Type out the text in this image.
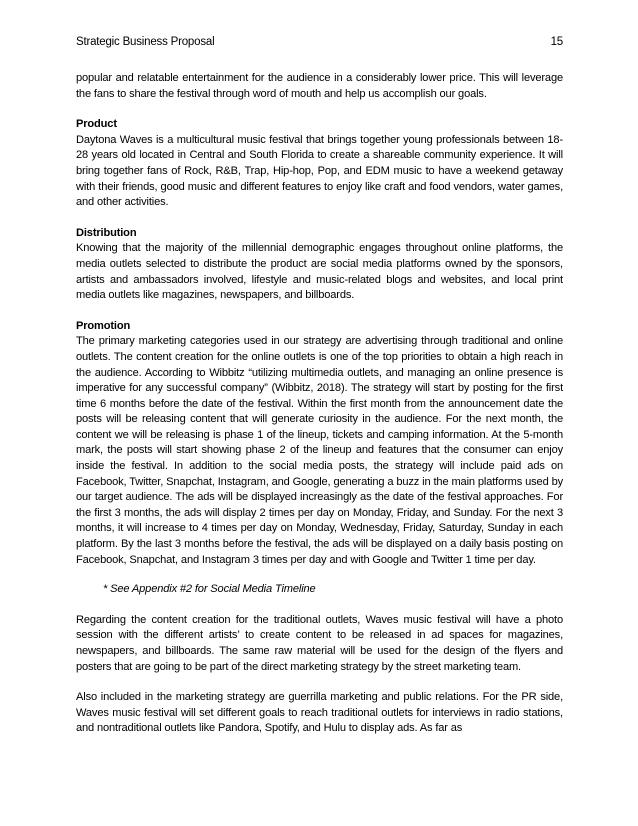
Strategic Business Proposal	15

popular and relatable entertainment for the audience in a considerably lower price. This will leverage the fans to share the festival through word of mouth and help us accomplish our goals.

Product

Daytona Waves is a multicultural music festival that brings together young professionals between 18-28 years old located in Central and South Florida to create a shareable community experience. It will bring together fans of Rock, R&B, Trap, Hip-hop, Pop, and EDM music to have a weekend getaway with their friends, good music and different features to enjoy like craft and food vendors, water games, and other activities.

Distribution

Knowing that the majority of the millennial demographic engages throughout online platforms, the media outlets selected to distribute the product are social media platforms owned by the sponsors, artists and ambassadors involved, lifestyle and music-related blogs and websites, and local print media outlets like magazines, newspapers, and billboards.

Promotion

The primary marketing categories used in our strategy are advertising through traditional and online outlets. The content creation for the online outlets is one of the top priorities to obtain a high reach in the audience. According to Wibbitz “utilizing multimedia outlets, and managing an online presence is imperative for any successful company” (Wibbitz, 2018). The strategy will start by posting for the first time 6 months before the date of the festival. Within the first month from the announcement date the posts will be releasing content that will generate curiosity in the audience. For the next month, the content we will be releasing is phase 1 of the lineup, tickets and camping information. At the 5-month mark, the posts will start showing phase 2 of the lineup and features that the consumer can enjoy inside the festival. In addition to the social media posts, the strategy will include paid ads on Facebook, Twitter, Snapchat, Instagram, and Google, generating a buzz in the main platforms used by our target audience. The ads will be displayed increasingly as the date of the festival approaches. For the first 3 months, the ads will display 2 times per day on Monday, Friday, and Sunday. For the next 3 months, it will increase to 4 times per day on Monday, Wednesday, Friday, Saturday, Sunday in each platform. By the last 3 months before the festival, the ads will be displayed on a daily basis posting on Facebook, Snapchat, and Instagram 3 times per day and with Google and Twitter 1 time per day.

* See Appendix #2 for Social Media Timeline

Regarding the content creation for the traditional outlets, Waves music festival will have a photo session with the different artists’ to create content to be released in ad spaces for magazines, newspapers, and billboards. The same raw material will be used for the design of the flyers and posters that are going to be part of the direct marketing strategy by the street marketing team.

Also included in the marketing strategy are guerrilla marketing and public relations. For the PR side, Waves music festival will set different goals to reach traditional outlets for interviews in radio stations, and nontraditional outlets like Pandora, Spotify, and Hulu to display ads. As far as
